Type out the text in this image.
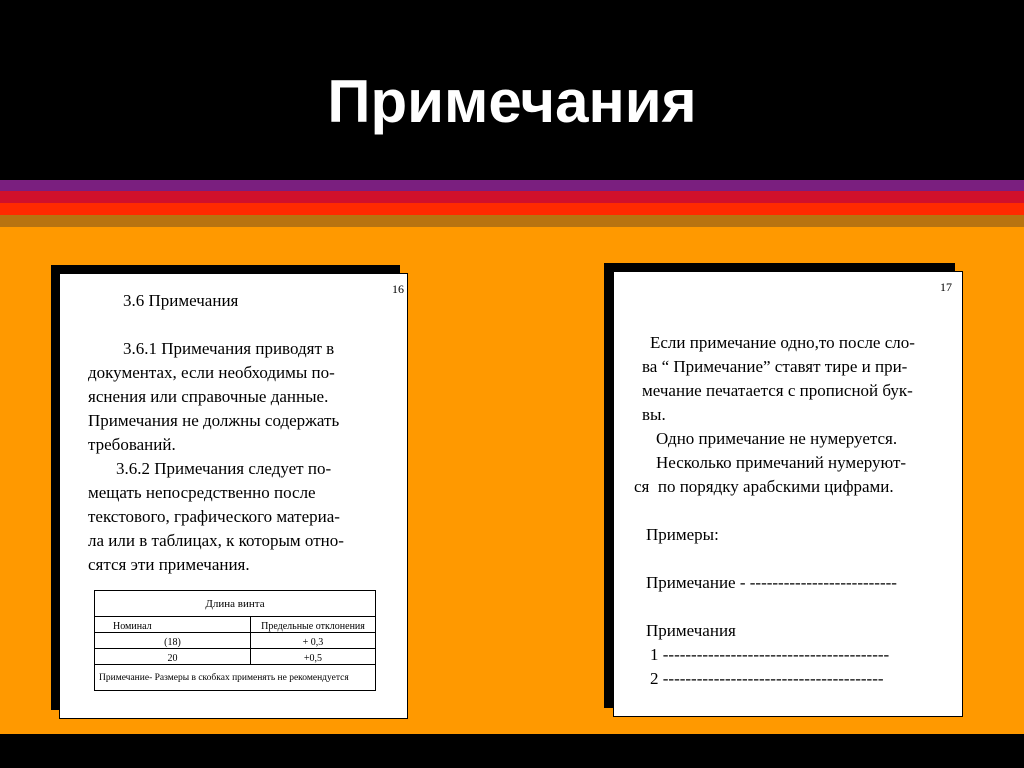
Примечания
16
3.6 Примечания
3.6.1 Примечания приводят в
документах, если необходимы по-
яснения или справочные данные.
Примечания не должны содержать
требований.
3.6.2 Примечания следует по-
мещать непосредственно после
текстового, графического материа-
ла или в таблицах, к которым отно-
сятся эти примечания.
Длина винта	
Номинал	Предельные отклонения
(18)	+ 0,3
20	+0,5
Примечание- Размеры в скобках применять не рекомендуется	
17
Если примечание одно,то после сло-
ва “ Примечание” ставят тире и при-
мечание печатается с прописной бук-
вы.
Одно примечание не нумеруется.
Несколько примечаний нумеруют-
ся  по порядку арабскими цифрами.
Примеры:
Примечание - --------------------------
Примечания
1 ----------------------------------------
2 ---------------------------------------
